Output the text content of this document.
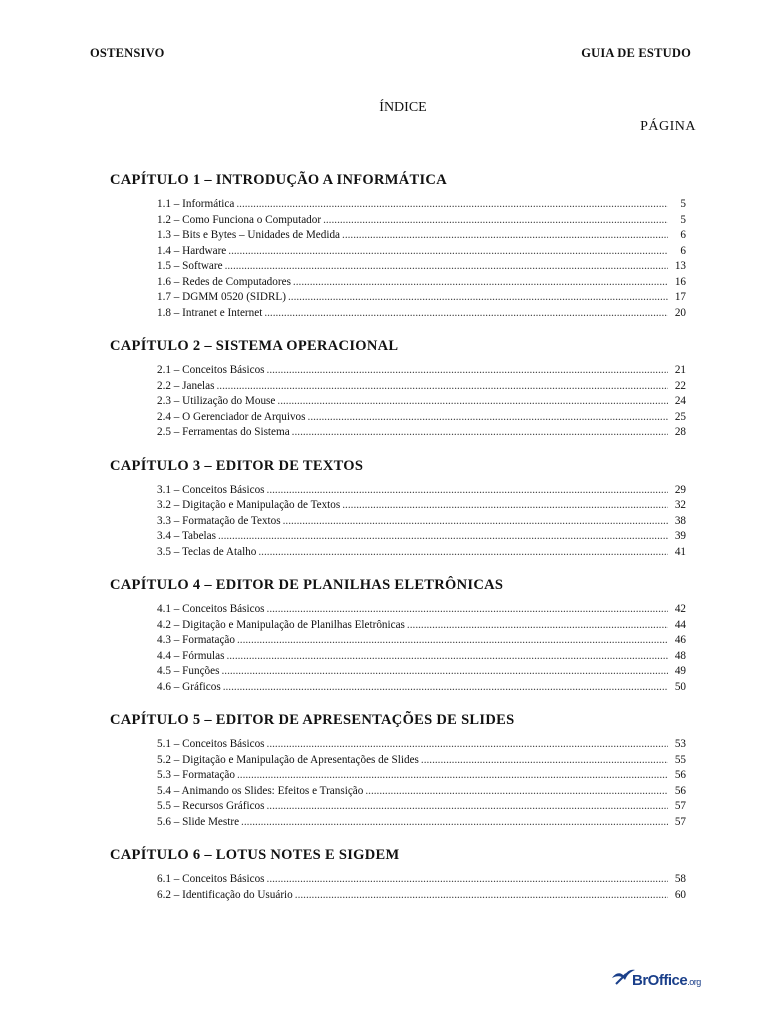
OSTENSIVO	GUIA DE ESTUDO
ÍNDICE
PÁGINA
CAPÍTULO 1 – INTRODUÇÃO A INFORMÁTICA
1.1 – Informática .....	5
1.2 – Como Funciona o Computador .....	5
1.3 – Bits e Bytes – Unidades de Medida .....	6
1.4 – Hardware .....	6
1.5 – Software .....	13
1.6 – Redes de Computadores .....	16
1.7 – DGMM 0520 (SIDRL) .....	17
1.8 – Intranet e Internet .....	20
CAPÍTULO 2 – SISTEMA OPERACIONAL
2.1 – Conceitos Básicos .....	21
2.2 – Janelas .....	22
2.3 – Utilização do Mouse .....	24
2.4 – O Gerenciador de Arquivos .....	25
2.5 – Ferramentas do Sistema .....	28
CAPÍTULO 3 – EDITOR DE TEXTOS
3.1 – Conceitos Básicos .....	29
3.2 – Digitação e Manipulação de Textos .....	32
3.3 – Formatação de Textos .....	38
3.4 – Tabelas .....	39
3.5 – Teclas de Atalho .....	41
CAPÍTULO 4 – EDITOR DE PLANILHAS ELETRÔNICAS
4.1 – Conceitos Básicos .....	42
4.2 – Digitação e Manipulação de Planilhas Eletrônicas .....	44
4.3 – Formatação .....	46
4.4 – Fórmulas .....	48
4.5 – Funções .....	49
4.6 – Gráficos .....	50
CAPÍTULO 5 – EDITOR DE APRESENTAÇÕES DE SLIDES
5.1 – Conceitos Básicos .....	53
5.2 – Digitação e Manipulação de Apresentações de Slides .....	55
5.3 – Formatação .....	56
5.4 – Animando os Slides: Efeitos e Transição .....	56
5.5 – Recursos Gráficos .....	57
5.6 – Slide Mestre .....	57
CAPÍTULO 6 – LOTUS NOTES E SIGDEM
6.1 – Conceitos Básicos .....	58
6.2 – Identificação do Usuário .....	60
BrOffice.org
